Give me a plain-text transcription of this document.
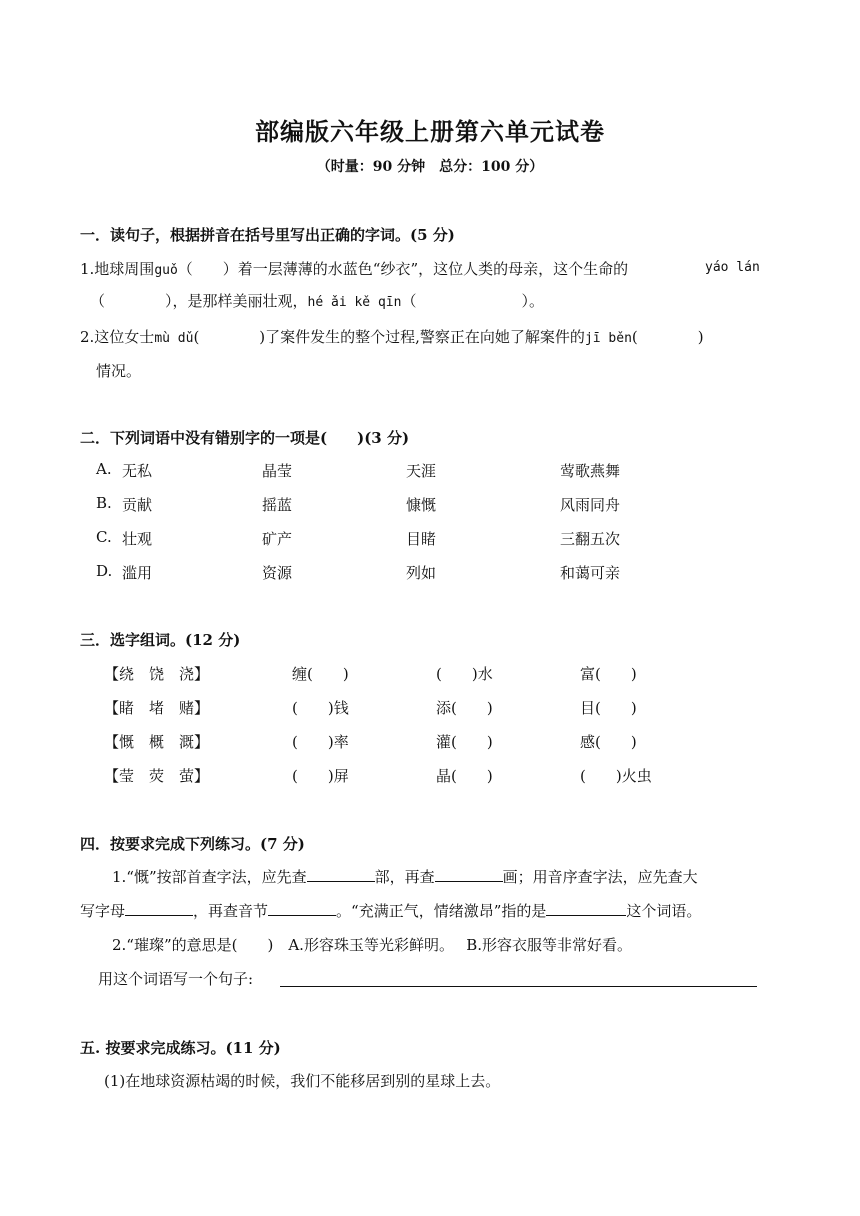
部编版六年级上册第六单元试卷
（时量：90 分钟　总分：100 分）
一．读句子，根据拼音在括号里写出正确的字词。(5 分)
1.地球周围guǒ（　　）着一层薄薄的水蓝色“纱衣”，这位人类的母亲，这个生命的	yáo lán
（　　　　），是那样美丽壮观，hé ǎi kě qīn（　　　　　　　）。
2.这位女士mù dǔ(　　　　)了案件发生的整个过程,警察正在向她了解案件的jī běn(　　　　)
情况。
二．下列词语中没有错别字的一项是(　　)(3 分)
A. 无私	晶莹	天涯	莺歌燕舞
B. 贡献	摇蓝	慷慨	风雨同舟
C. 壮观	矿产	目睹	三翻五次
D. 滥用	资源	列如	和蔼可亲
三．选字组词。(12 分)
【绕　饶　浇】	缠(　　)	(　　)水	富(　　)
【睹　堵　赌】	(　　)钱	添(　　)	目(　　)
【慨　概　溉】	(　　)率	灌(　　)	感(　　)
【莹　荧　萤】	(　　)屏	晶(　　)	(　　)火虫
四．按要求完成下列练习。(7 分)
1.“慨”按部首查字法，应先查	部，再查	画；用音序查字法，应先查大
写字母	，再查音节	。“充满正气，情绪激昂”指的是	这个词语。
2.“璀璨”的意思是(　　)　A.形容珠玉等光彩鲜明。　 B.形容衣服等非常好看。
用这个词语写一个句子:
五. 按要求完成练习。(11 分)
(1)在地球资源枯竭的时候，我们不能移居到别的星球上去。
